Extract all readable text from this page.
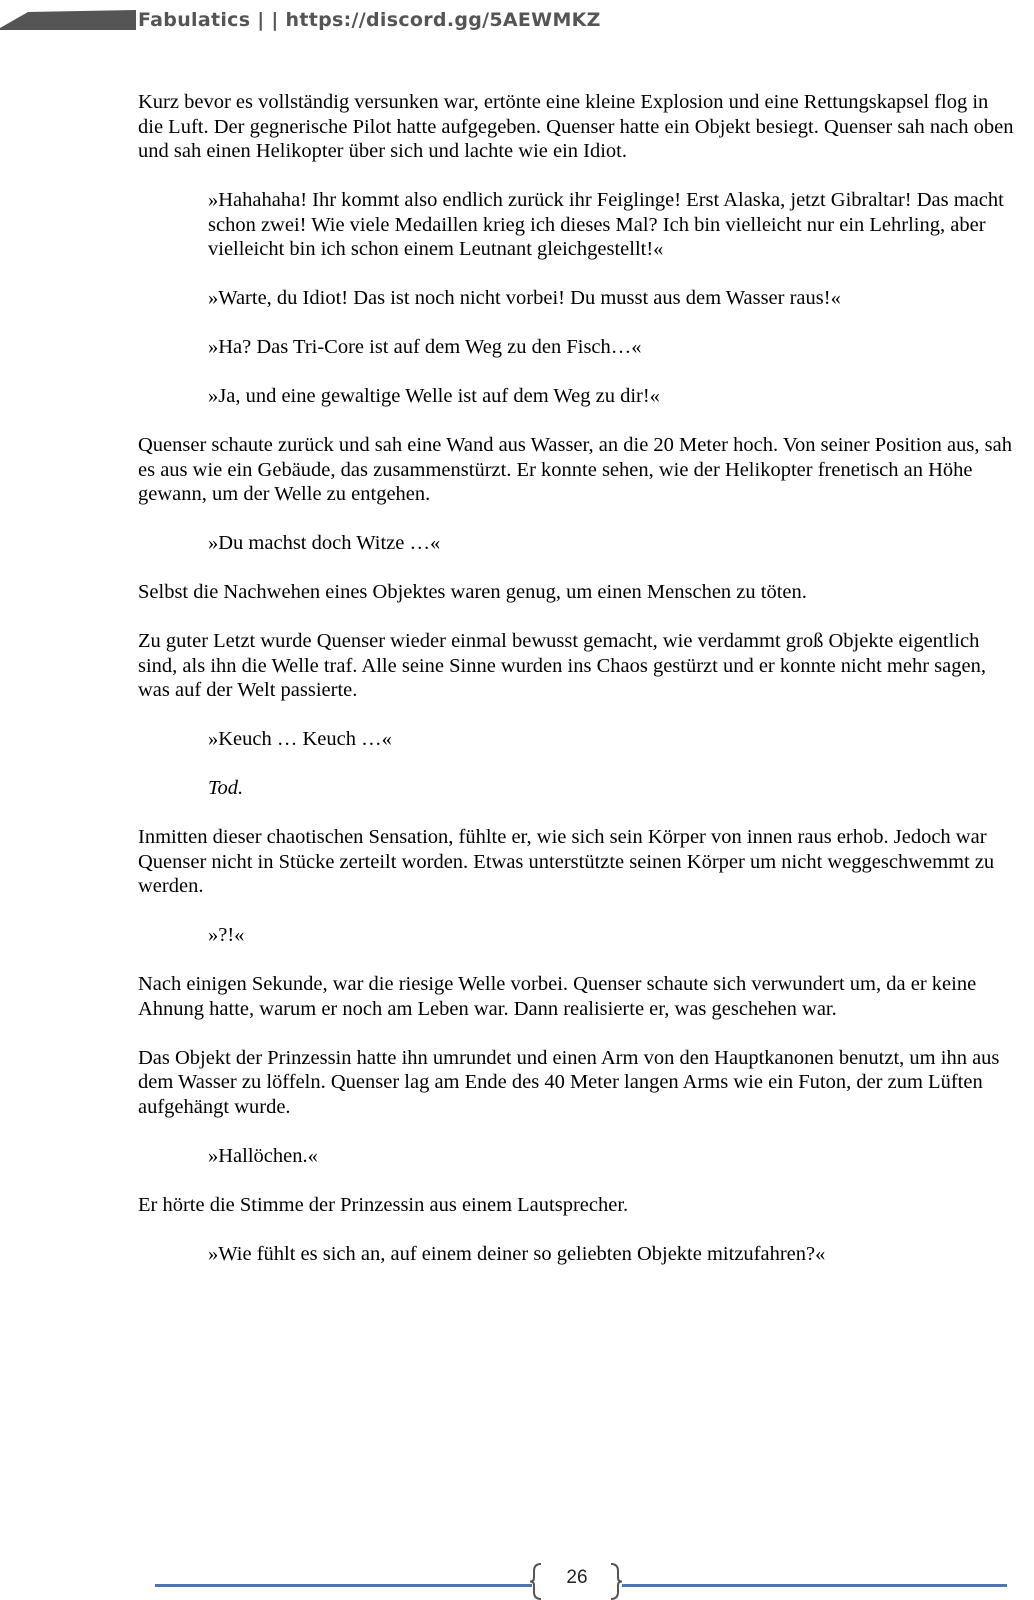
Fabulatics | | https://discord.gg/5AEWMKZ

Kurz bevor es vollständig versunken war, ertönte eine kleine Explosion und eine Rettungskapsel flog in die Luft. Der gegnerische Pilot hatte aufgegeben. Quenser hatte ein Objekt besiegt. Quenser sah nach oben und sah einen Helikopter über sich und lachte wie ein Idiot.

»Hahahaha! Ihr kommt also endlich zurück ihr Feiglinge! Erst Alaska, jetzt Gibraltar! Das macht schon zwei! Wie viele Medaillen krieg ich dieses Mal? Ich bin vielleicht nur ein Lehrling, aber vielleicht bin ich schon einem Leutnant gleichgestellt!«

»Warte, du Idiot! Das ist noch nicht vorbei! Du musst aus dem Wasser raus!«

»Ha? Das Tri-Core ist auf dem Weg zu den Fisch…«

»Ja, und eine gewaltige Welle ist auf dem Weg zu dir!«

Quenser schaute zurück und sah eine Wand aus Wasser, an die 20 Meter hoch. Von seiner Position aus, sah es aus wie ein Gebäude, das zusammenstürzt. Er konnte sehen, wie der Helikopter frenetisch an Höhe gewann, um der Welle zu entgehen.

»Du machst doch Witze …«

Selbst die Nachwehen eines Objektes waren genug, um einen Menschen zu töten.

Zu guter Letzt wurde Quenser wieder einmal bewusst gemacht, wie verdammt groß Objekte eigentlich sind, als ihn die Welle traf. Alle seine Sinne wurden ins Chaos gestürzt und er konnte nicht mehr sagen, was auf der Welt passierte.

»Keuch … Keuch …«

Tod.

Inmitten dieser chaotischen Sensation, fühlte er, wie sich sein Körper von innen raus erhob. Jedoch war Quenser nicht in Stücke zerteilt worden. Etwas unterstützte seinen Körper um nicht weggeschwemmt zu werden.

»?!«

Nach einigen Sekunde, war die riesige Welle vorbei. Quenser schaute sich verwundert um, da er keine Ahnung hatte, warum er noch am Leben war. Dann realisierte er, was geschehen war.

Das Objekt der Prinzessin hatte ihn umrundet und einen Arm von den Hauptkanonen benutzt, um ihn aus dem Wasser zu löffeln. Quenser lag am Ende des 40 Meter langen Arms wie ein Futon, der zum Lüften aufgehängt wurde.

»Hallöchen.«

Er hörte die Stimme der Prinzessin aus einem Lautsprecher.

»Wie fühlt es sich an, auf einem deiner so geliebten Objekte mitzufahren?«

26
